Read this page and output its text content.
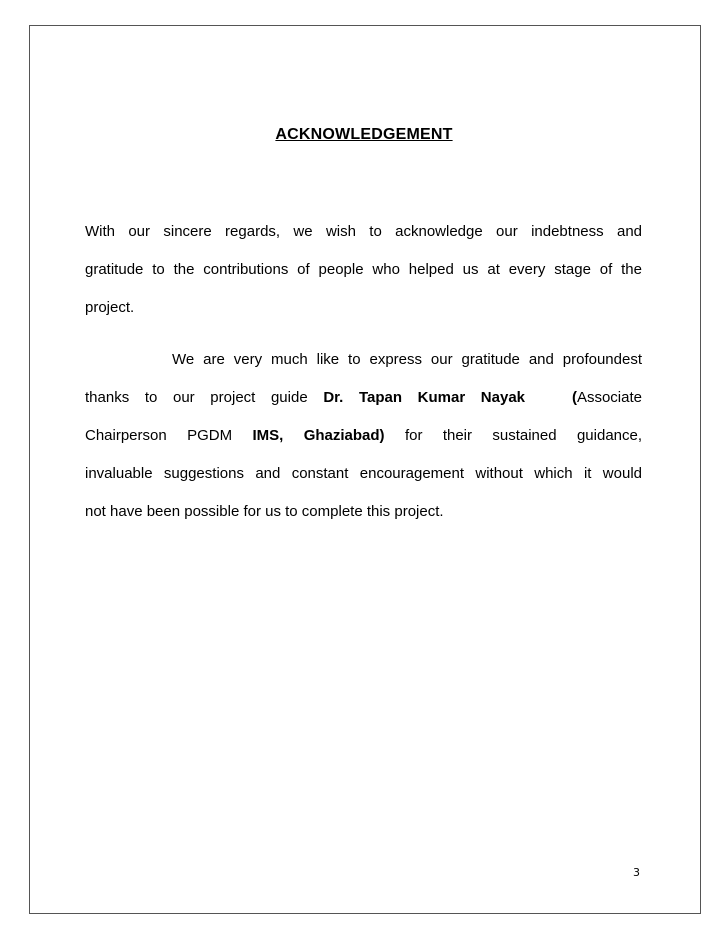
ACKNOWLEDGEMENT
With our sincere regards, we wish to acknowledge our indebtness and
gratitude to the contributions of people who helped us at every stage of the
project.
We are very much like to express our gratitude and profoundest
thanks to our project guide Dr. Tapan Kumar Nayak	(Associate
Chairperson PGDM IMS, Ghaziabad) for their sustained guidance,
invaluable suggestions and constant encouragement without which it would
not have been possible for us to complete this project.
3
